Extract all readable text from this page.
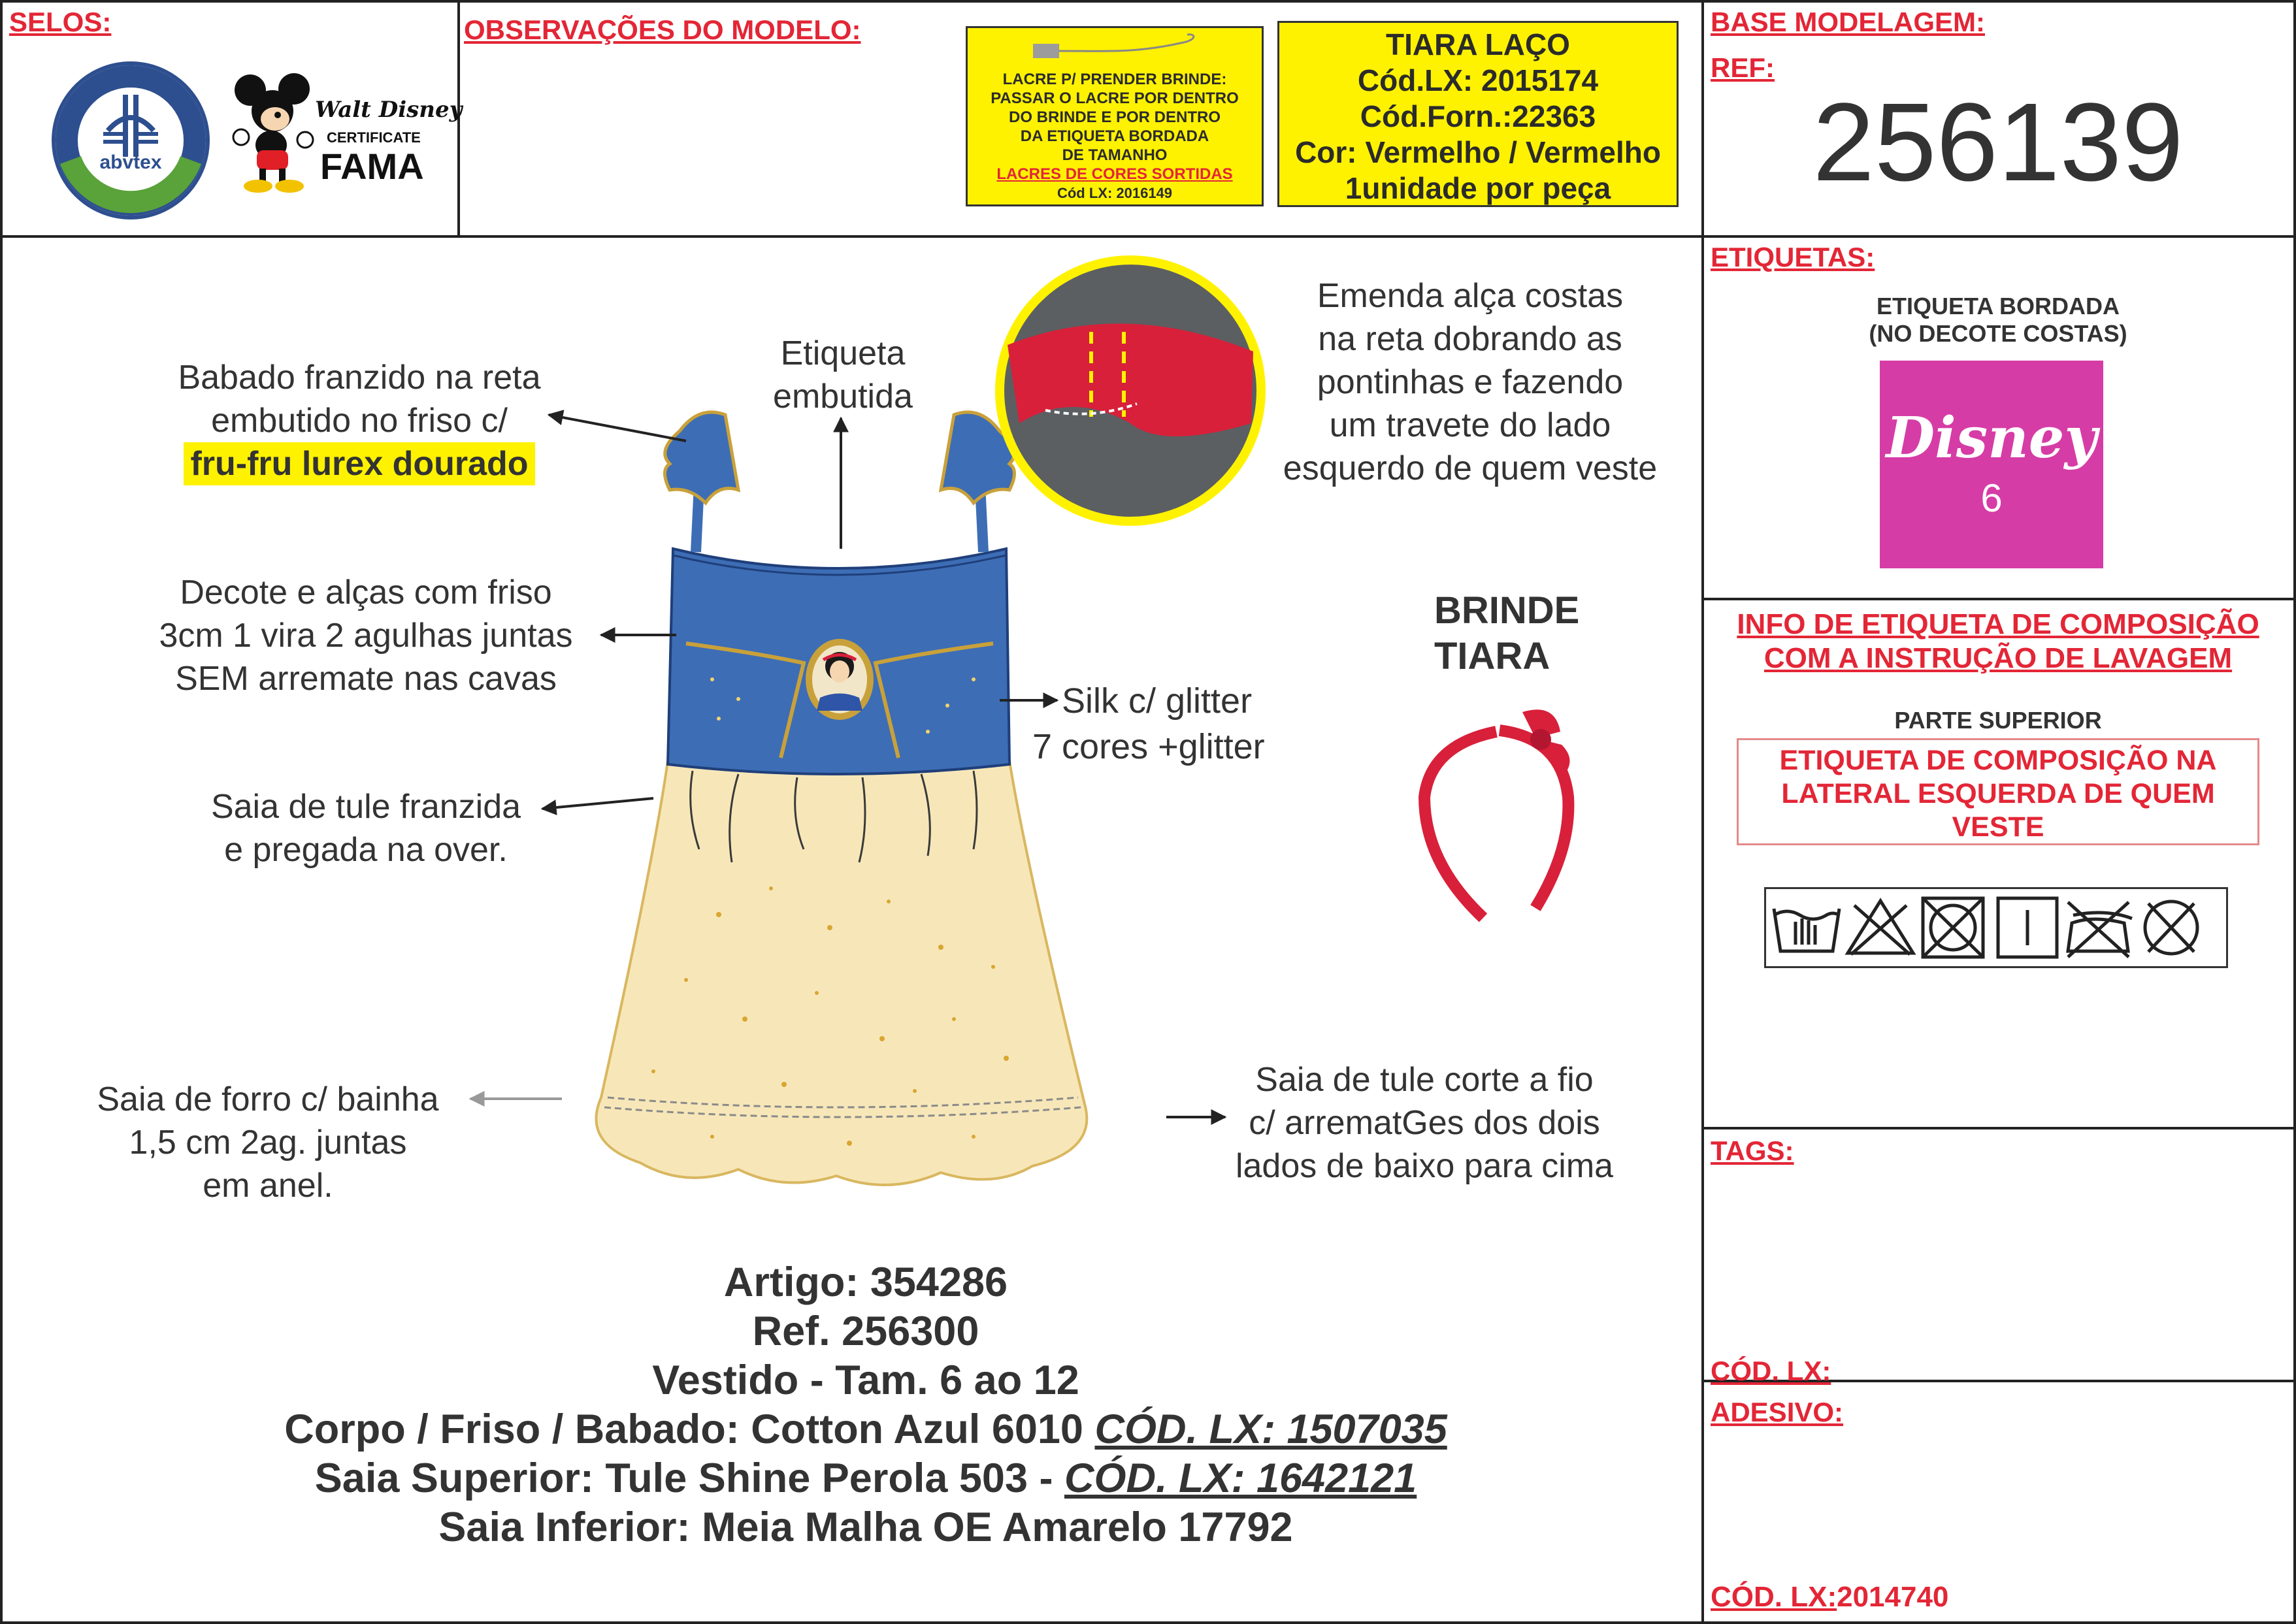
SELOS:
abvtex
Walt Disney
CERTIFICATE
FAMA
OBSERVAÇÕES DO MODELO:
LACRE P/ PRENDER BRINDE:
PASSAR O LACRE POR DENTRO
DO BRINDE E POR DENTRO
DA ETIQUETA BORDADA
DE TAMANHO
LACRES DE CORES SORTIDAS
Cód LX: 2016149
TIARA LAÇO
Cód.LX: 2015174
Cód.Forn.:22363
Cor: Vermelho / Vermelho
1unidade por peça
BASE MODELAGEM:
REF:
256139
Babado franzido na reta
embutido no friso c/
fru-fru lurex dourado
Etiqueta
embutida
Emenda alça costas
na reta dobrando as
pontinhas e fazendo
um travete do lado
esquerdo de quem veste
Decote e alças com friso
3cm 1 vira 2 agulhas juntas
SEM arremate nas cavas
BRINDE
TIARA
Silk c/ glitter
7 cores +glitter
Saia de tule franzida
e pregada na over.
Saia de forro c/ bainha
1,5 cm 2ag. juntas
em anel.
Saia de tule corte a fio
c/ arrematGes dos dois
lados de baixo para cima
Artigo: 354286
Ref. 256300
Vestido - Tam. 6 ao 12
Corpo / Friso / Babado: Cotton Azul 6010 CÓD. LX: 1507035
Saia Superior: Tule Shine Perola 503 - CÓD. LX: 1642121
Saia Inferior: Meia Malha OE Amarelo 17792
ETIQUETAS:
ETIQUETA BORDADA
(NO DECOTE COSTAS)
Disney
6
INFO DE ETIQUETA DE COMPOSIÇÃO
COM A INSTRUÇÃO DE LAVAGEM
PARTE SUPERIOR
ETIQUETA DE COMPOSIÇÃO NA
LATERAL ESQUERDA DE QUEM
VESTE
TAGS:
CÓD. LX:
ADESIVO:
CÓD. LX:2014740
